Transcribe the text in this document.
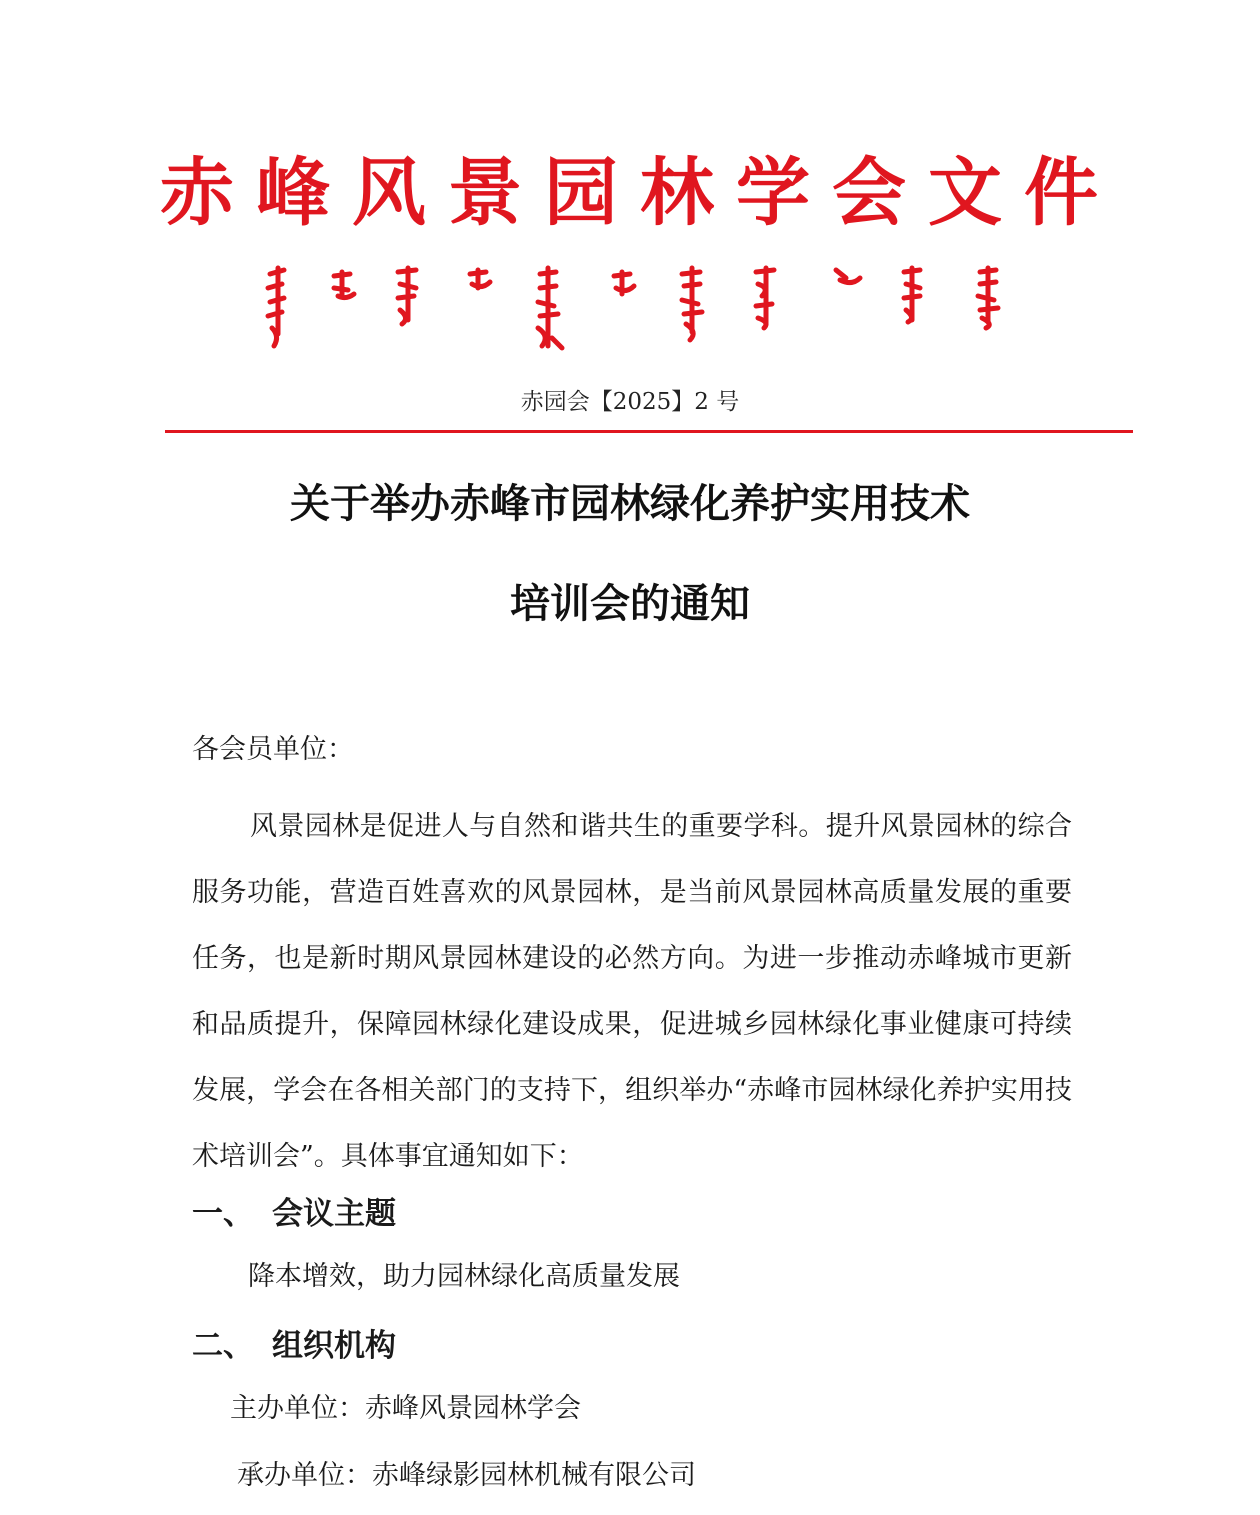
赤峰风景园林学会文件
赤园会【2025】2 号
关于举办赤峰市园林绿化养护实用技术
培训会的通知
各会员单位：
风景园林是促进人与自然和谐共生的重要学科。提升风景园林的综合服务功能，营造百姓喜欢的风景园林，是当前风景园林高质量发展的重要任务，也是新时期风景园林建设的必然方向。为进一步推动赤峰城市更新和品质提升，保障园林绿化建设成果，促进城乡园林绿化事业健康可持续发展，学会在各相关部门的支持下，组织举办“赤峰市园林绿化养护实用技术培训会”。具体事宜通知如下：
一、 会议主题
降本增效，助力园林绿化高质量发展
二、 组织机构
主办单位：赤峰风景园林学会
承办单位：赤峰绿影园林机械有限公司
